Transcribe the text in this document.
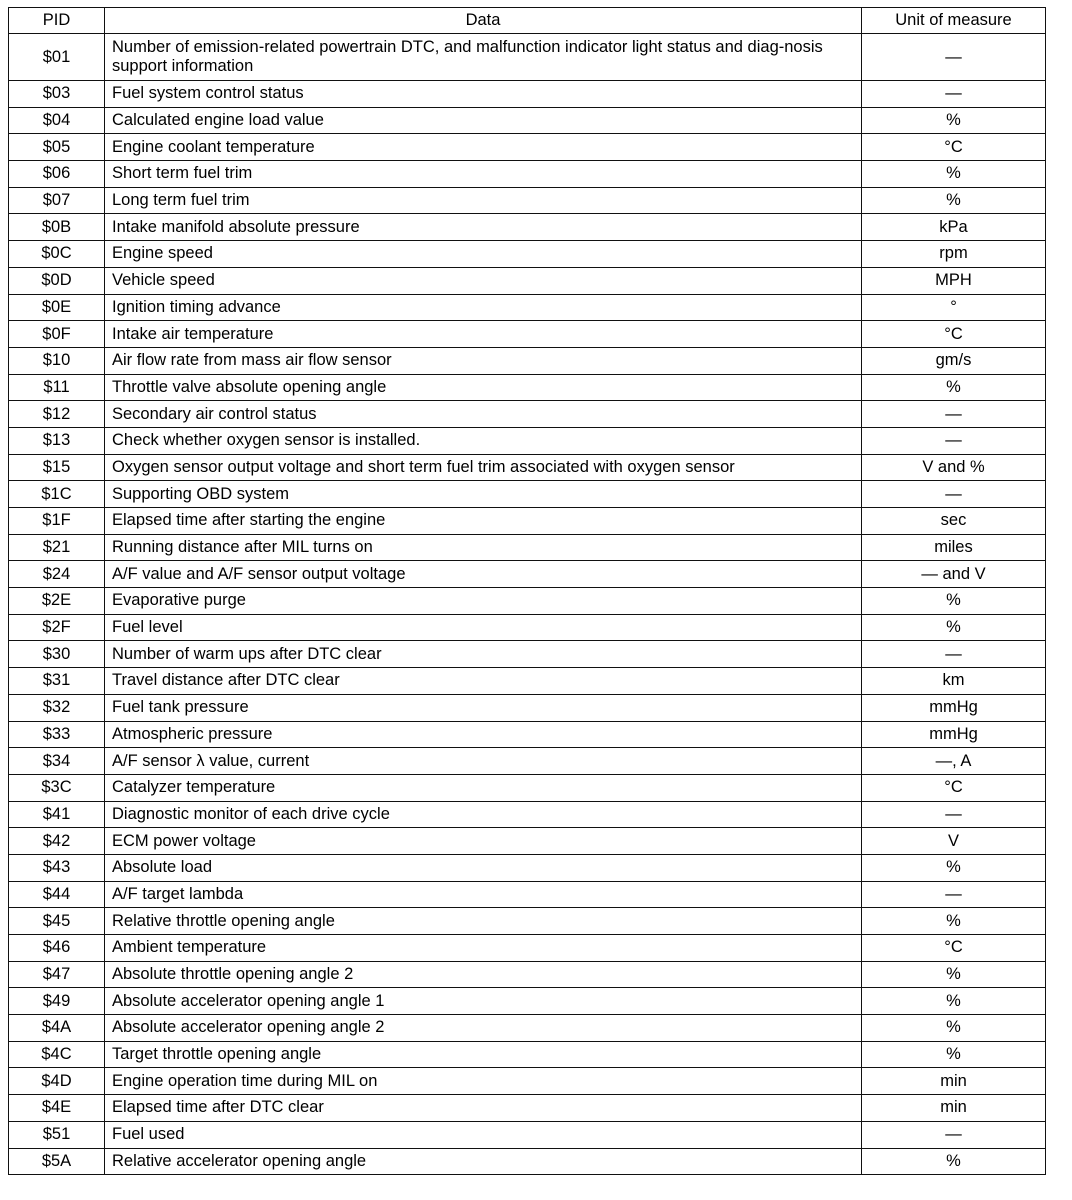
PID	Data	Unit of measure
$01	Number of emission-related powertrain DTC, and malfunction indicator light status and diag-nosis support information	—
$03	Fuel system control status	—
$04	Calculated engine load value	%
$05	Engine coolant temperature	°C
$06	Short term fuel trim	%
$07	Long term fuel trim	%
$0B	Intake manifold absolute pressure	kPa
$0C	Engine speed	rpm
$0D	Vehicle speed	MPH
$0E	Ignition timing advance	°
$0F	Intake air temperature	°C
$10	Air flow rate from mass air flow sensor	gm/s
$11	Throttle valve absolute opening angle	%
$12	Secondary air control status	—
$13	Check whether oxygen sensor is installed.	—
$15	Oxygen sensor output voltage and short term fuel trim associated with oxygen sensor	V and %
$1C	Supporting OBD system	—
$1F	Elapsed time after starting the engine	sec
$21	Running distance after MIL turns on	miles
$24	A/F value and A/F sensor output voltage	— and V
$2E	Evaporative purge	%
$2F	Fuel level	%
$30	Number of warm ups after DTC clear	—
$31	Travel distance after DTC clear	km
$32	Fuel tank pressure	mmHg
$33	Atmospheric pressure	mmHg
$34	A/F sensor λ value, current	—, A
$3C	Catalyzer temperature	°C
$41	Diagnostic monitor of each drive cycle	—
$42	ECM power voltage	V
$43	Absolute load	%
$44	A/F target lambda	—
$45	Relative throttle opening angle	%
$46	Ambient temperature	°C
$47	Absolute throttle opening angle 2	%
$49	Absolute accelerator opening angle 1	%
$4A	Absolute accelerator opening angle 2	%
$4C	Target throttle opening angle	%
$4D	Engine operation time during MIL on	min
$4E	Elapsed time after DTC clear	min
$51	Fuel used	—
$5A	Relative accelerator opening angle	%
